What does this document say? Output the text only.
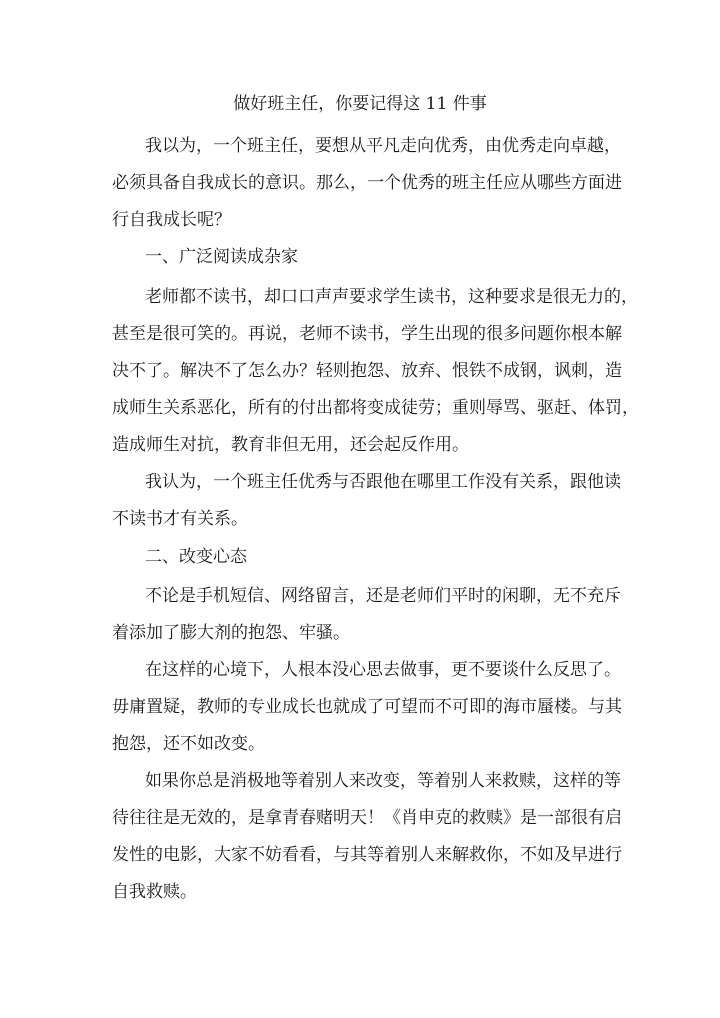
做好班主任，你要记得这 11 件事
我以为，一个班主任，要想从平凡走向优秀，由优秀走向卓越，
必须具备自我成长的意识。那么，一个优秀的班主任应从哪些方面进
行自我成长呢？
一、广泛阅读成杂家
老师都不读书，却口口声声要求学生读书，这种要求是很无力的，
甚至是很可笑的。再说，老师不读书，学生出现的很多问题你根本解
决不了。解决不了怎么办？轻则抱怨、放弃、恨铁不成钢，讽刺，造
成师生关系恶化，所有的付出都将变成徒劳；重则辱骂、驱赶、体罚，
造成师生对抗，教育非但无用，还会起反作用。
我认为，一个班主任优秀与否跟他在哪里工作没有关系，跟他读
不读书才有关系。
二、改变心态
不论是手机短信、网络留言，还是老师们平时的闲聊，无不充斥
着添加了膨大剂的抱怨、牢骚。
在这样的心境下，人根本没心思去做事，更不要谈什么反思了。
毋庸置疑，教师的专业成长也就成了可望而不可即的海市蜃楼。与其
抱怨，还不如改变。
如果你总是消极地等着别人来改变，等着别人来救赎，这样的等
待往往是无效的，是拿青春赌明天！《肖申克的救赎》是一部很有启
发性的电影，大家不妨看看，与其等着别人来解救你，不如及早进行
自我救赎。
